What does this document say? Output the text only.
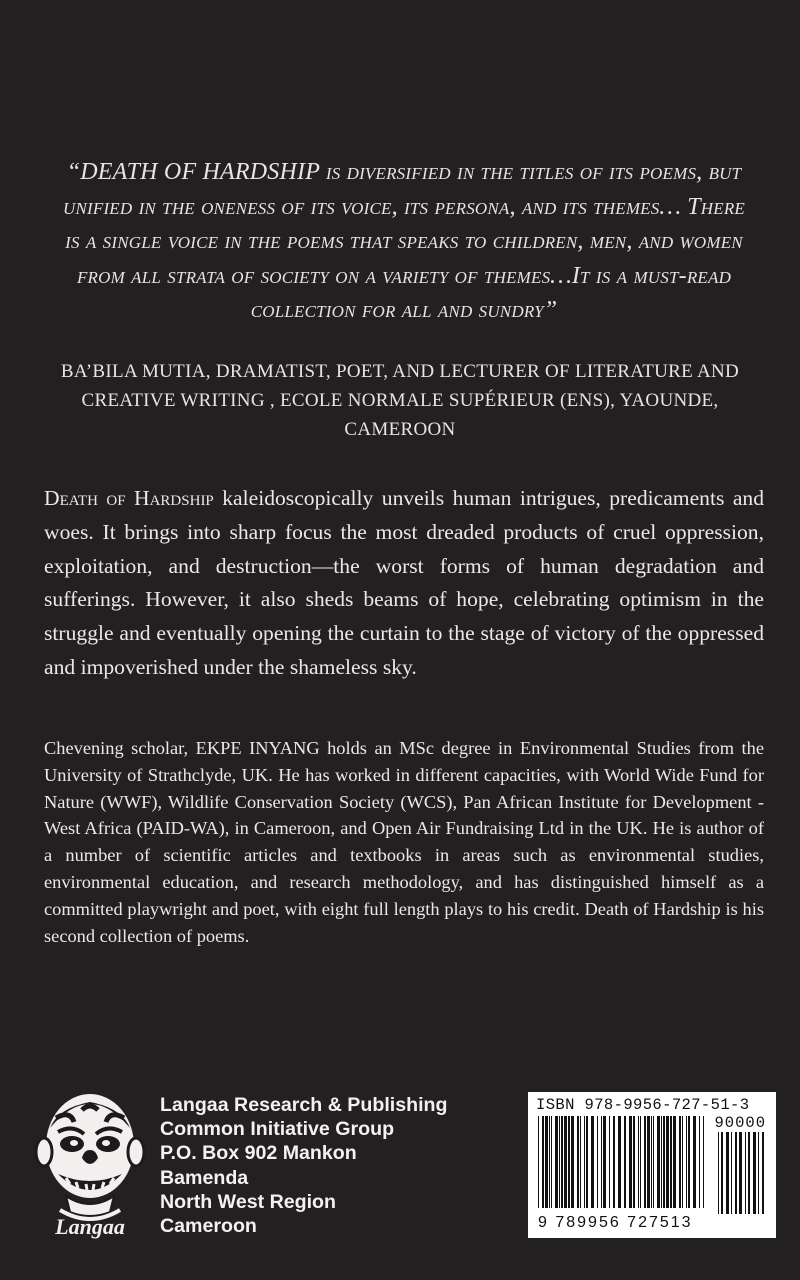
“DEATH OF HARDSHIP is diversified in the titles of its poems, but unified in the oneness of its voice, its persona, and its themes… There is a single voice in the poems that speaks to children, men, and women from all strata of society on a variety of themes…It is a must-read collection for all and sundry”
BA’BILA MUTIA, DRAMATIST, POET, AND LECTURER OF LITERATURE AND CREATIVE WRITING , ECOLE NORMALE SUPÉRIEUR (ENS), YAOUNDE, CAMEROON
Death of Hardship kaleidoscopically unveils human intrigues, predicaments and woes. It brings into sharp focus the most dreaded products of cruel oppression, exploitation, and destruction—the worst forms of human degradation and sufferings. However, it also sheds beams of hope, celebrating optimism in the struggle and eventually opening the curtain to the stage of victory of the oppressed and impoverished under the shameless sky.
Chevening scholar, EKPE INYANG holds an MSc degree in Environmental Studies from the University of Strathclyde, UK. He has worked in different capacities, with World Wide Fund for Nature (WWF), Wildlife Conservation Society (WCS), Pan African Institute for Development - West Africa (PAID-WA), in Cameroon, and Open Air Fundraising Ltd in the UK. He is author of a number of scientific articles and textbooks in areas such as environmental studies, environmental education, and research methodology, and has distinguished himself as a committed playwright and poet, with eight full length plays to his credit. Death of Hardship is his second collection of poems.
Langaa
Langaa Research & Publishing
Common Initiative Group
P.O. Box 902 Mankon
Bamenda
North West Region
Cameroon
ISBN 978-9956-727-51-3
90000
9 789956 727513
